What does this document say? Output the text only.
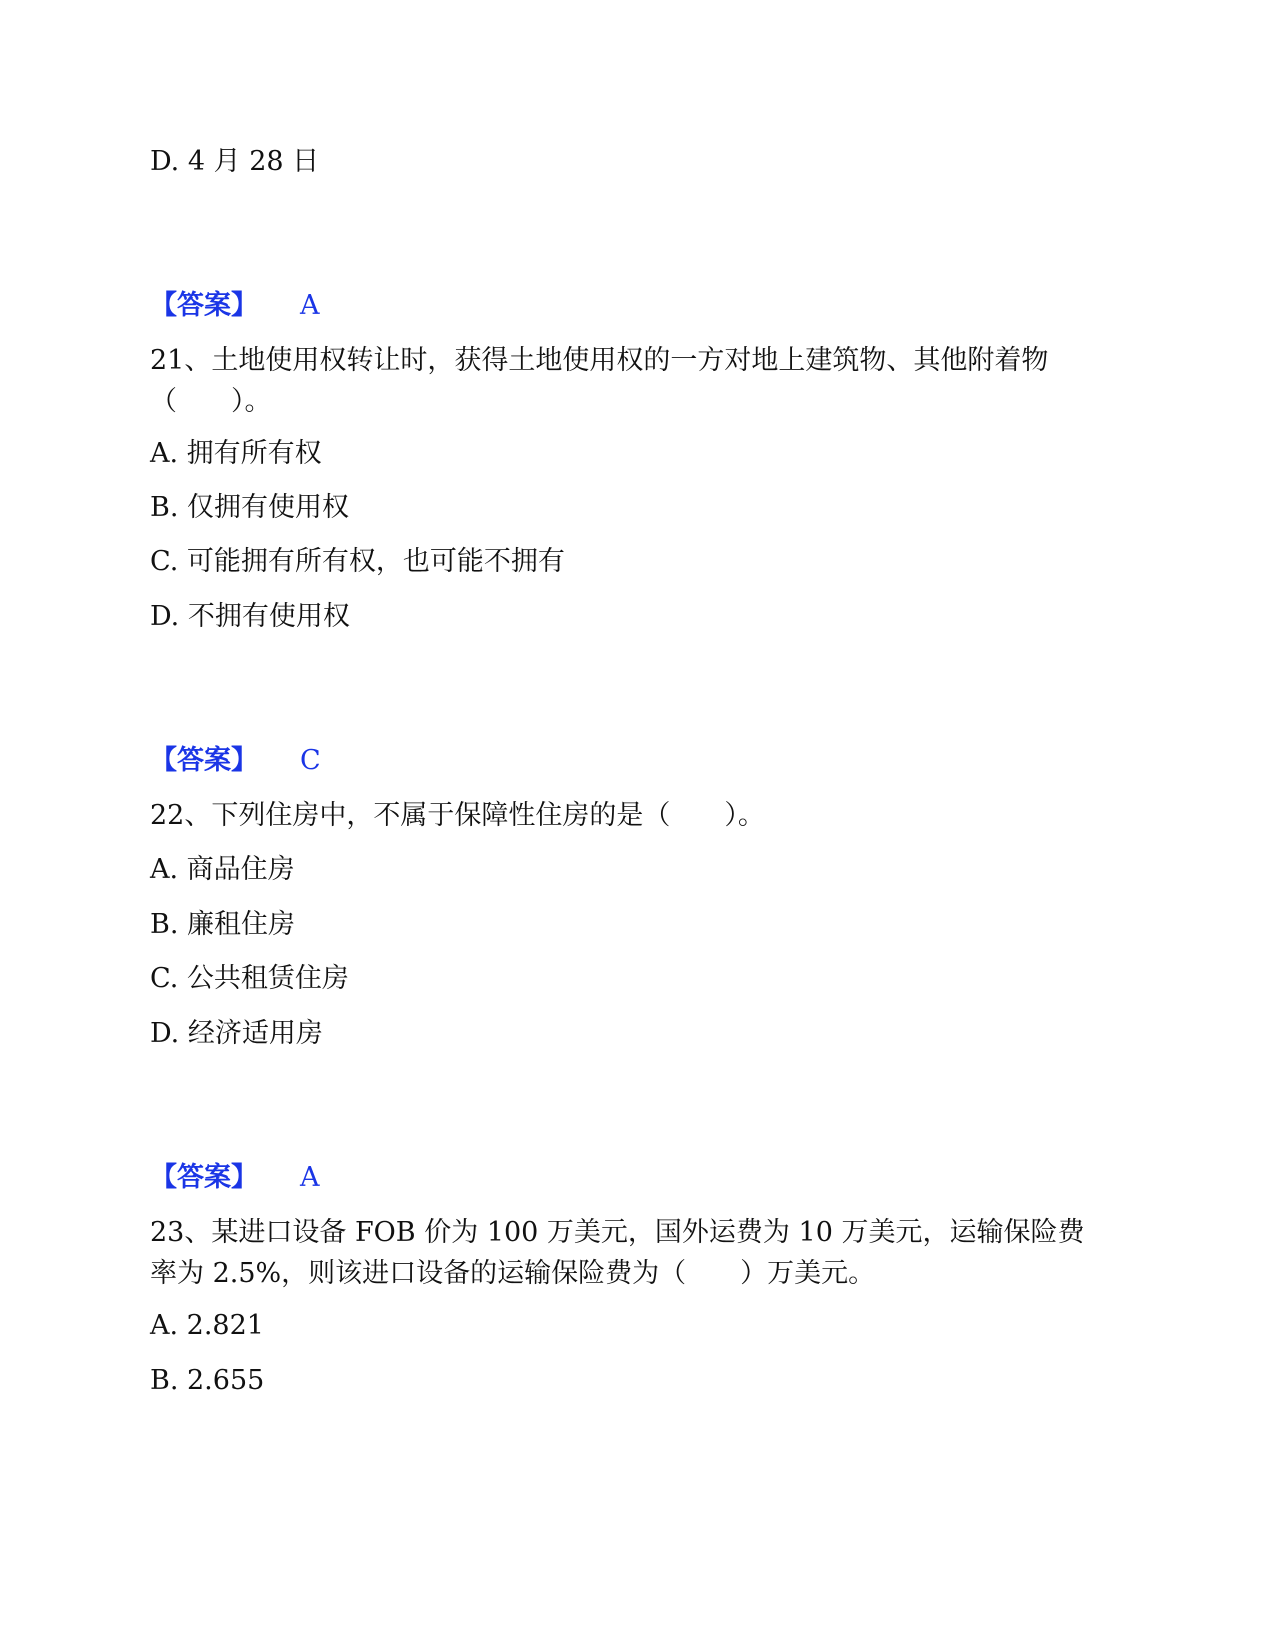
D. 4 月 28 日
【答案】 A
21、土地使用权转让时，获得土地使用权的一方对地上建筑物、其他附着物（　　）。
A. 拥有所有权
B. 仅拥有使用权
C. 可能拥有所有权，也可能不拥有
D. 不拥有使用权
【答案】 C
22、下列住房中，不属于保障性住房的是（　　）。
A. 商品住房
B. 廉租住房
C. 公共租赁住房
D. 经济适用房
【答案】 A
23、某进口设备 FOB 价为 100 万美元，国外运费为 10 万美元，运输保险费率为 2.5%，则该进口设备的运输保险费为（　　）万美元。
A. 2.821
B. 2.655
